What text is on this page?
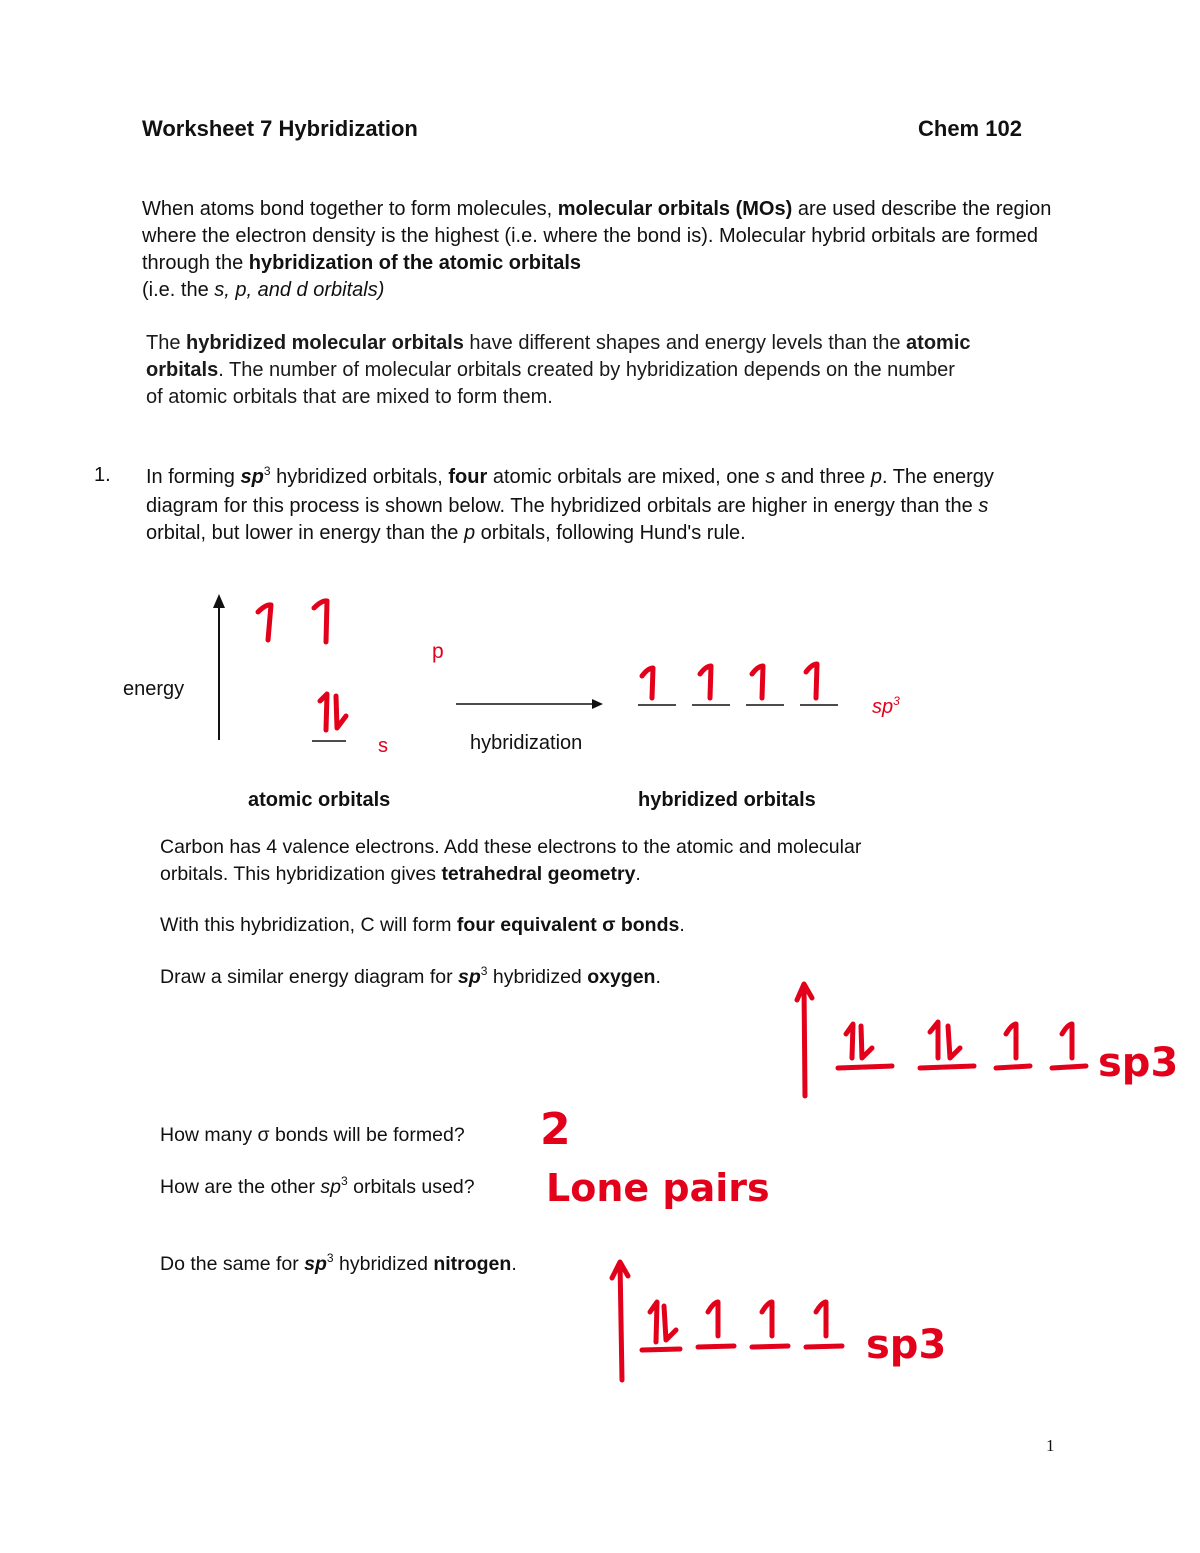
Worksheet 7 Hybridization	Chem 102
When atoms bond together to form molecules, molecular orbitals (MOs) are used describe the region where the electron density is the highest (i.e. where the bond is). Molecular hybrid orbitals are formed through the hybridization of the atomic orbitals
(i.e. the s, p, and d orbitals)
The hybridized molecular orbitals have different shapes and energy levels than the atomic orbitals. The number of molecular orbitals created by hybridization depends on the number of atomic orbitals that are mixed to form them.
1. In forming $sp^3$ hybridized orbitals, four atomic orbitals are mixed, one s and three p. The energy diagram for this process is shown below. The hybridized orbitals are higher in energy than the s orbital, but lower in energy than the p orbitals, following Hund's rule.
energy
p
s	hybridization
$sp^3$
atomic orbitals	hybridized orbitals
Carbon has 4 valence electrons. Add these electrons to the atomic and molecular orbitals. This hybridization gives tetrahedral geometry.
With this hybridization, C will form four equivalent σ bonds.
Draw a similar energy diagram for $sp^3$ hybridized oxygen.
sp3
How many σ bonds will be formed? 2
How are the other $sp^3$ orbitals used? Lone pairs
Do the same for $sp^3$ hybridized nitrogen.
sp3
1
